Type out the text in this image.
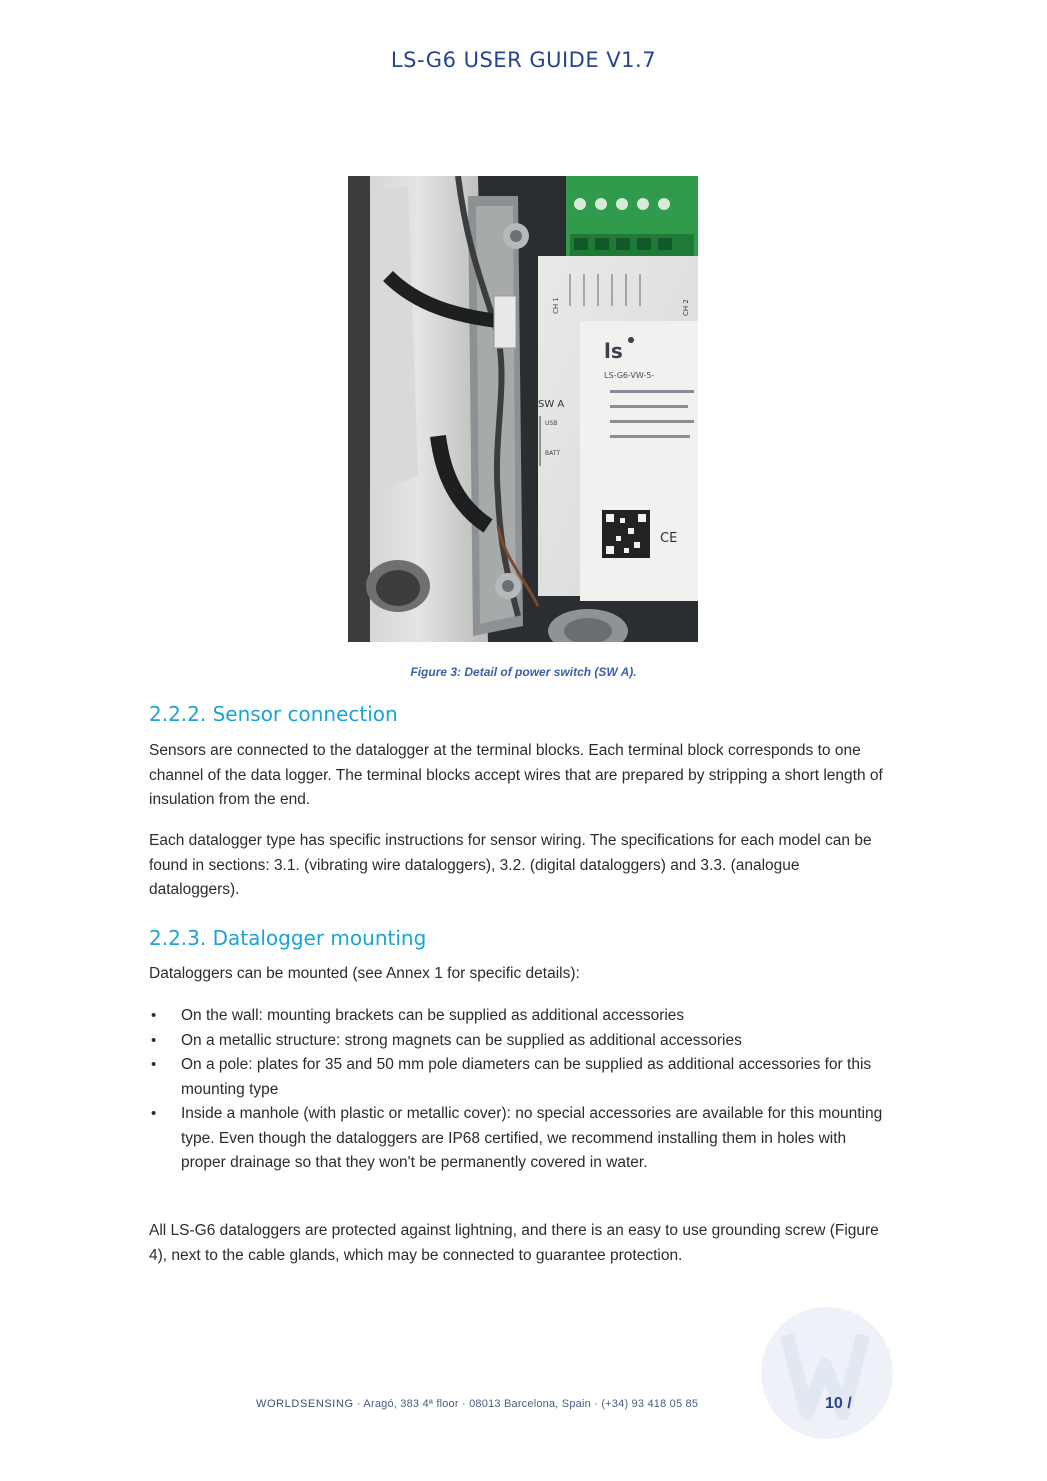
LS-G6 USER GUIDE V1.7
CH 1	CH 2
ls
LS-G6-VW-5-
SW A
USB
BATT
CE
Figure 3: Detail of power switch (SW A).
2.2.2. Sensor connection

Sensors are connected to the datalogger at the terminal blocks. Each terminal block corresponds to one channel of the data logger. The terminal blocks accept wires that are prepared by stripping a short length of insulation from the end.

Each datalogger type has specific instructions for sensor wiring. The specifications for each model can be found in sections: 3.1. (vibrating wire dataloggers), 3.2. (digital dataloggers) and 3.3. (analogue dataloggers).

2.2.3. Datalogger mounting

Dataloggers can be mounted (see Annex 1 for specific details):

• On the wall: mounting brackets can be supplied as additional accessories
• On a metallic structure: strong magnets can be supplied as additional accessories
• On a pole: plates for 35 and 50 mm pole diameters can be supplied as additional accessories for this mounting type
• Inside a manhole (with plastic or metallic cover): no special accessories are available for this mounting type. Even though the dataloggers are IP68 certified, we recommend installing them in holes with proper drainage so that they won't be permanently covered in water.

All LS-G6 dataloggers are protected against lightning, and there is an easy to use grounding screw (Figure 4), next to the cable glands, which may be connected to guarantee protection.

WORLDSENSING · Aragó, 383 4ª floor · 08013 Barcelona, Spain · (+34) 93 418 05 85	10 /
